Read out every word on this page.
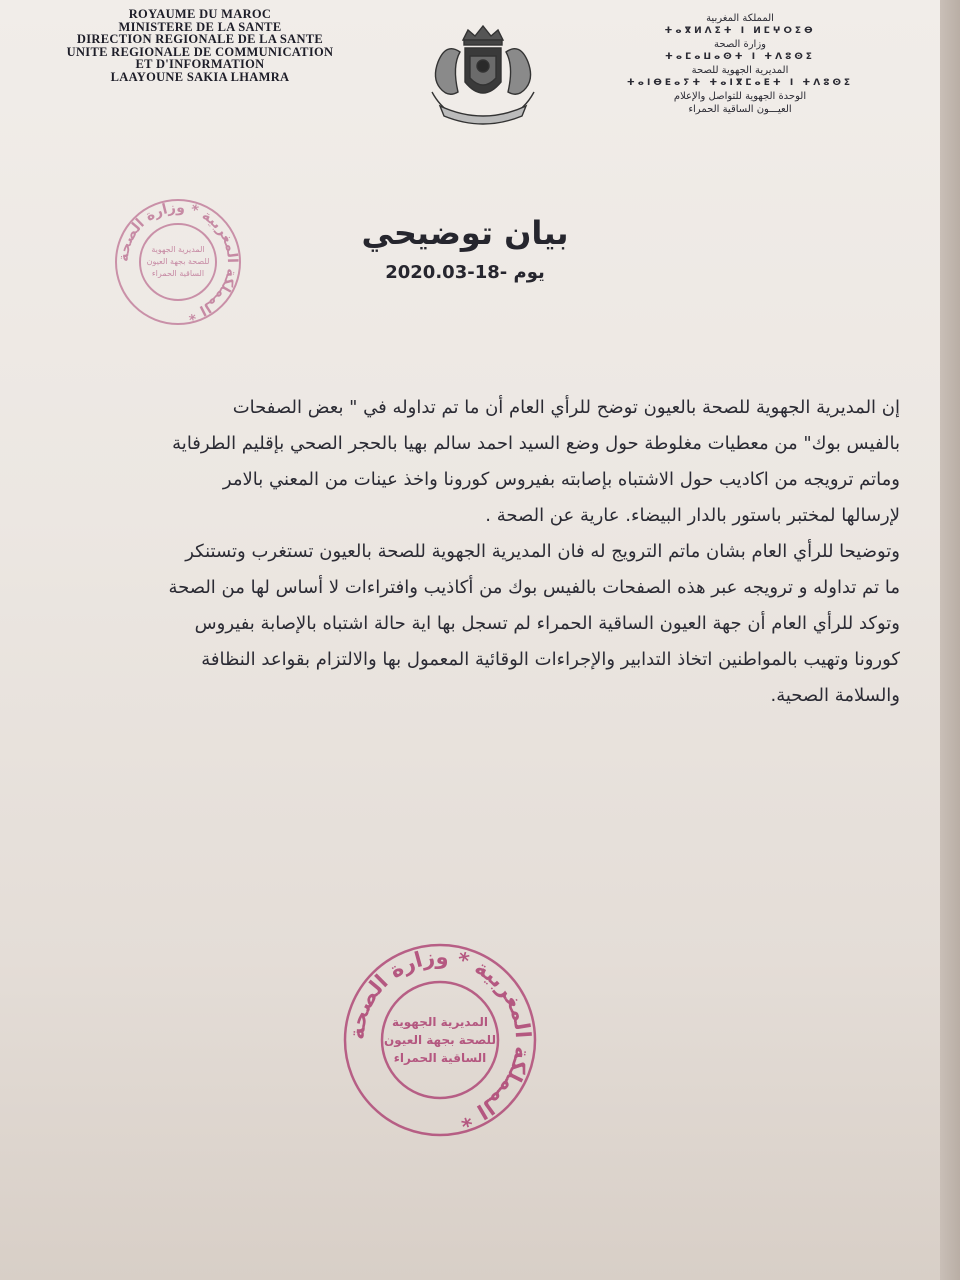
ROYAUME DU MAROC
MINISTERE DE LA SANTE
DIRECTION REGIONALE DE LA SANTE
UNITE REGIONALE DE COMMUNICATION
ET D'INFORMATION
LAAYOUNE SAKIA LHAMRA
المملكة المغربية
ⵜⴰⴳⵍⴷⵉⵜ ⵏ ⵍⵎⵖⵔⵉⴱ
وزارة الصحة
ⵜⴰⵎⴰⵡⴰⵙⵜ ⵏ ⵜⴷⵓⵙⵉ
المديرية الجهوية للصحة
ⵜⴰⵏⴱⴹⴰⵢⵜ ⵜⴰⵏⴳⵎⴰⴹⵜ ⵏ ⵜⴷⵓⵙⵉ
الوحدة الجهوية للتواصل والإعلام
العيـــون الساقية الحمراء
المملكة المغربية * وزارة الصحة *
المديرية الجهوية
للصحة بجهة العيون
الساقية الحمراء
بيان توضيحي
يوم -18-2020.03
إن المديرية الجهوية للصحة بالعيون توضح للرأي العام أن ما تم تداوله في " بعض الصفحات
بالفيس بوك" من معطيات مغلوطة حول وضع السيد احمد سالم بهيا بالحجر الصحي بإقليم الطرفاية
وماتم ترويجه من اكاديب حول الاشتباه بإصابته بفيروس كورونا واخذ عينات من المعني بالامر
لإرسالها لمختبر باستور بالدار البيضاء. عارية عن الصحة .
وتوضيحا للرأي العام بشان ماتم الترويج له فان المديرية الجهوية للصحة بالعيون تستغرب وتستنكر
ما تم تداوله و ترويجه عبر هذه الصفحات بالفيس بوك من أكاذيب وافتراءات لا أساس لها من الصحة
وتوكد للرأي العام أن جهة العيون الساقية الحمراء لم تسجل بها اية حالة اشتباه بالإصابة بفيروس
كورونا وتهيب بالمواطنين اتخاذ التدابير والإجراءات الوقائية المعمول بها والالتزام بقواعد النظافة
والسلامة الصحية.
المملكة المغربية * وزارة الصحة *
المديرية الجهوية
للصحة بجهة العيون
الساقية الحمراء
